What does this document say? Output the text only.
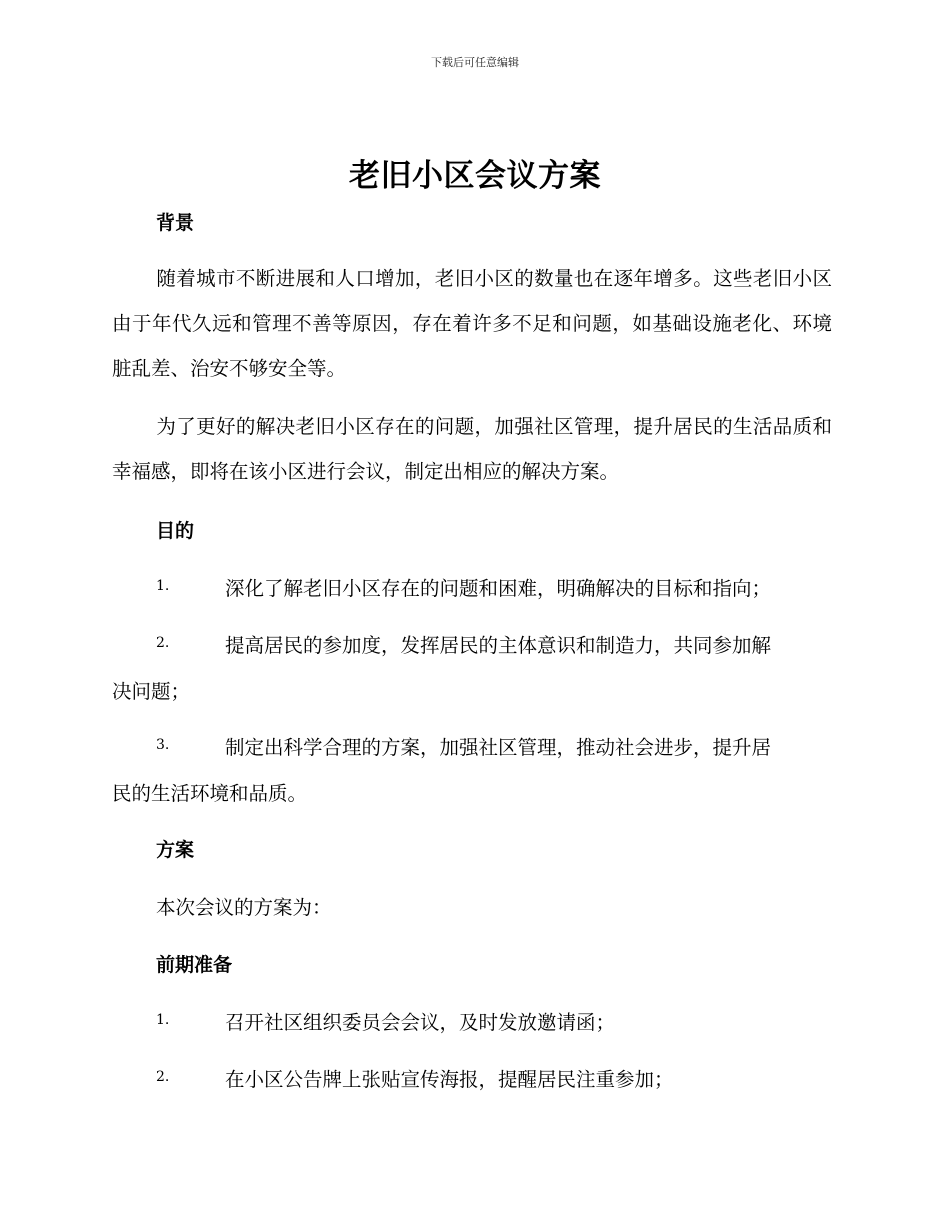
下载后可任意编辑
老旧小区会议方案
背景
随着城市不断进展和人口增加，老旧小区的数量也在逐年增多。这些老旧小区由于年代久远和管理不善等原因，存在着许多不足和问题，如基础设施老化、环境脏乱差、治安不够安全等。
为了更好的解决老旧小区存在的问题，加强社区管理，提升居民的生活品质和幸福感，即将在该小区进行会议，制定出相应的解决方案。
目的
1.	深化了解老旧小区存在的问题和困难，明确解决的目标和指向；
2.	提高居民的参加度，发挥居民的主体意识和制造力，共同参加解
决问题；
3.	制定出科学合理的方案，加强社区管理，推动社会进步，提升居
民的生活环境和品质。
方案
本次会议的方案为：
前期准备
1.	召开社区组织委员会会议，及时发放邀请函；
2.	在小区公告牌上张贴宣传海报，提醒居民注重参加；
